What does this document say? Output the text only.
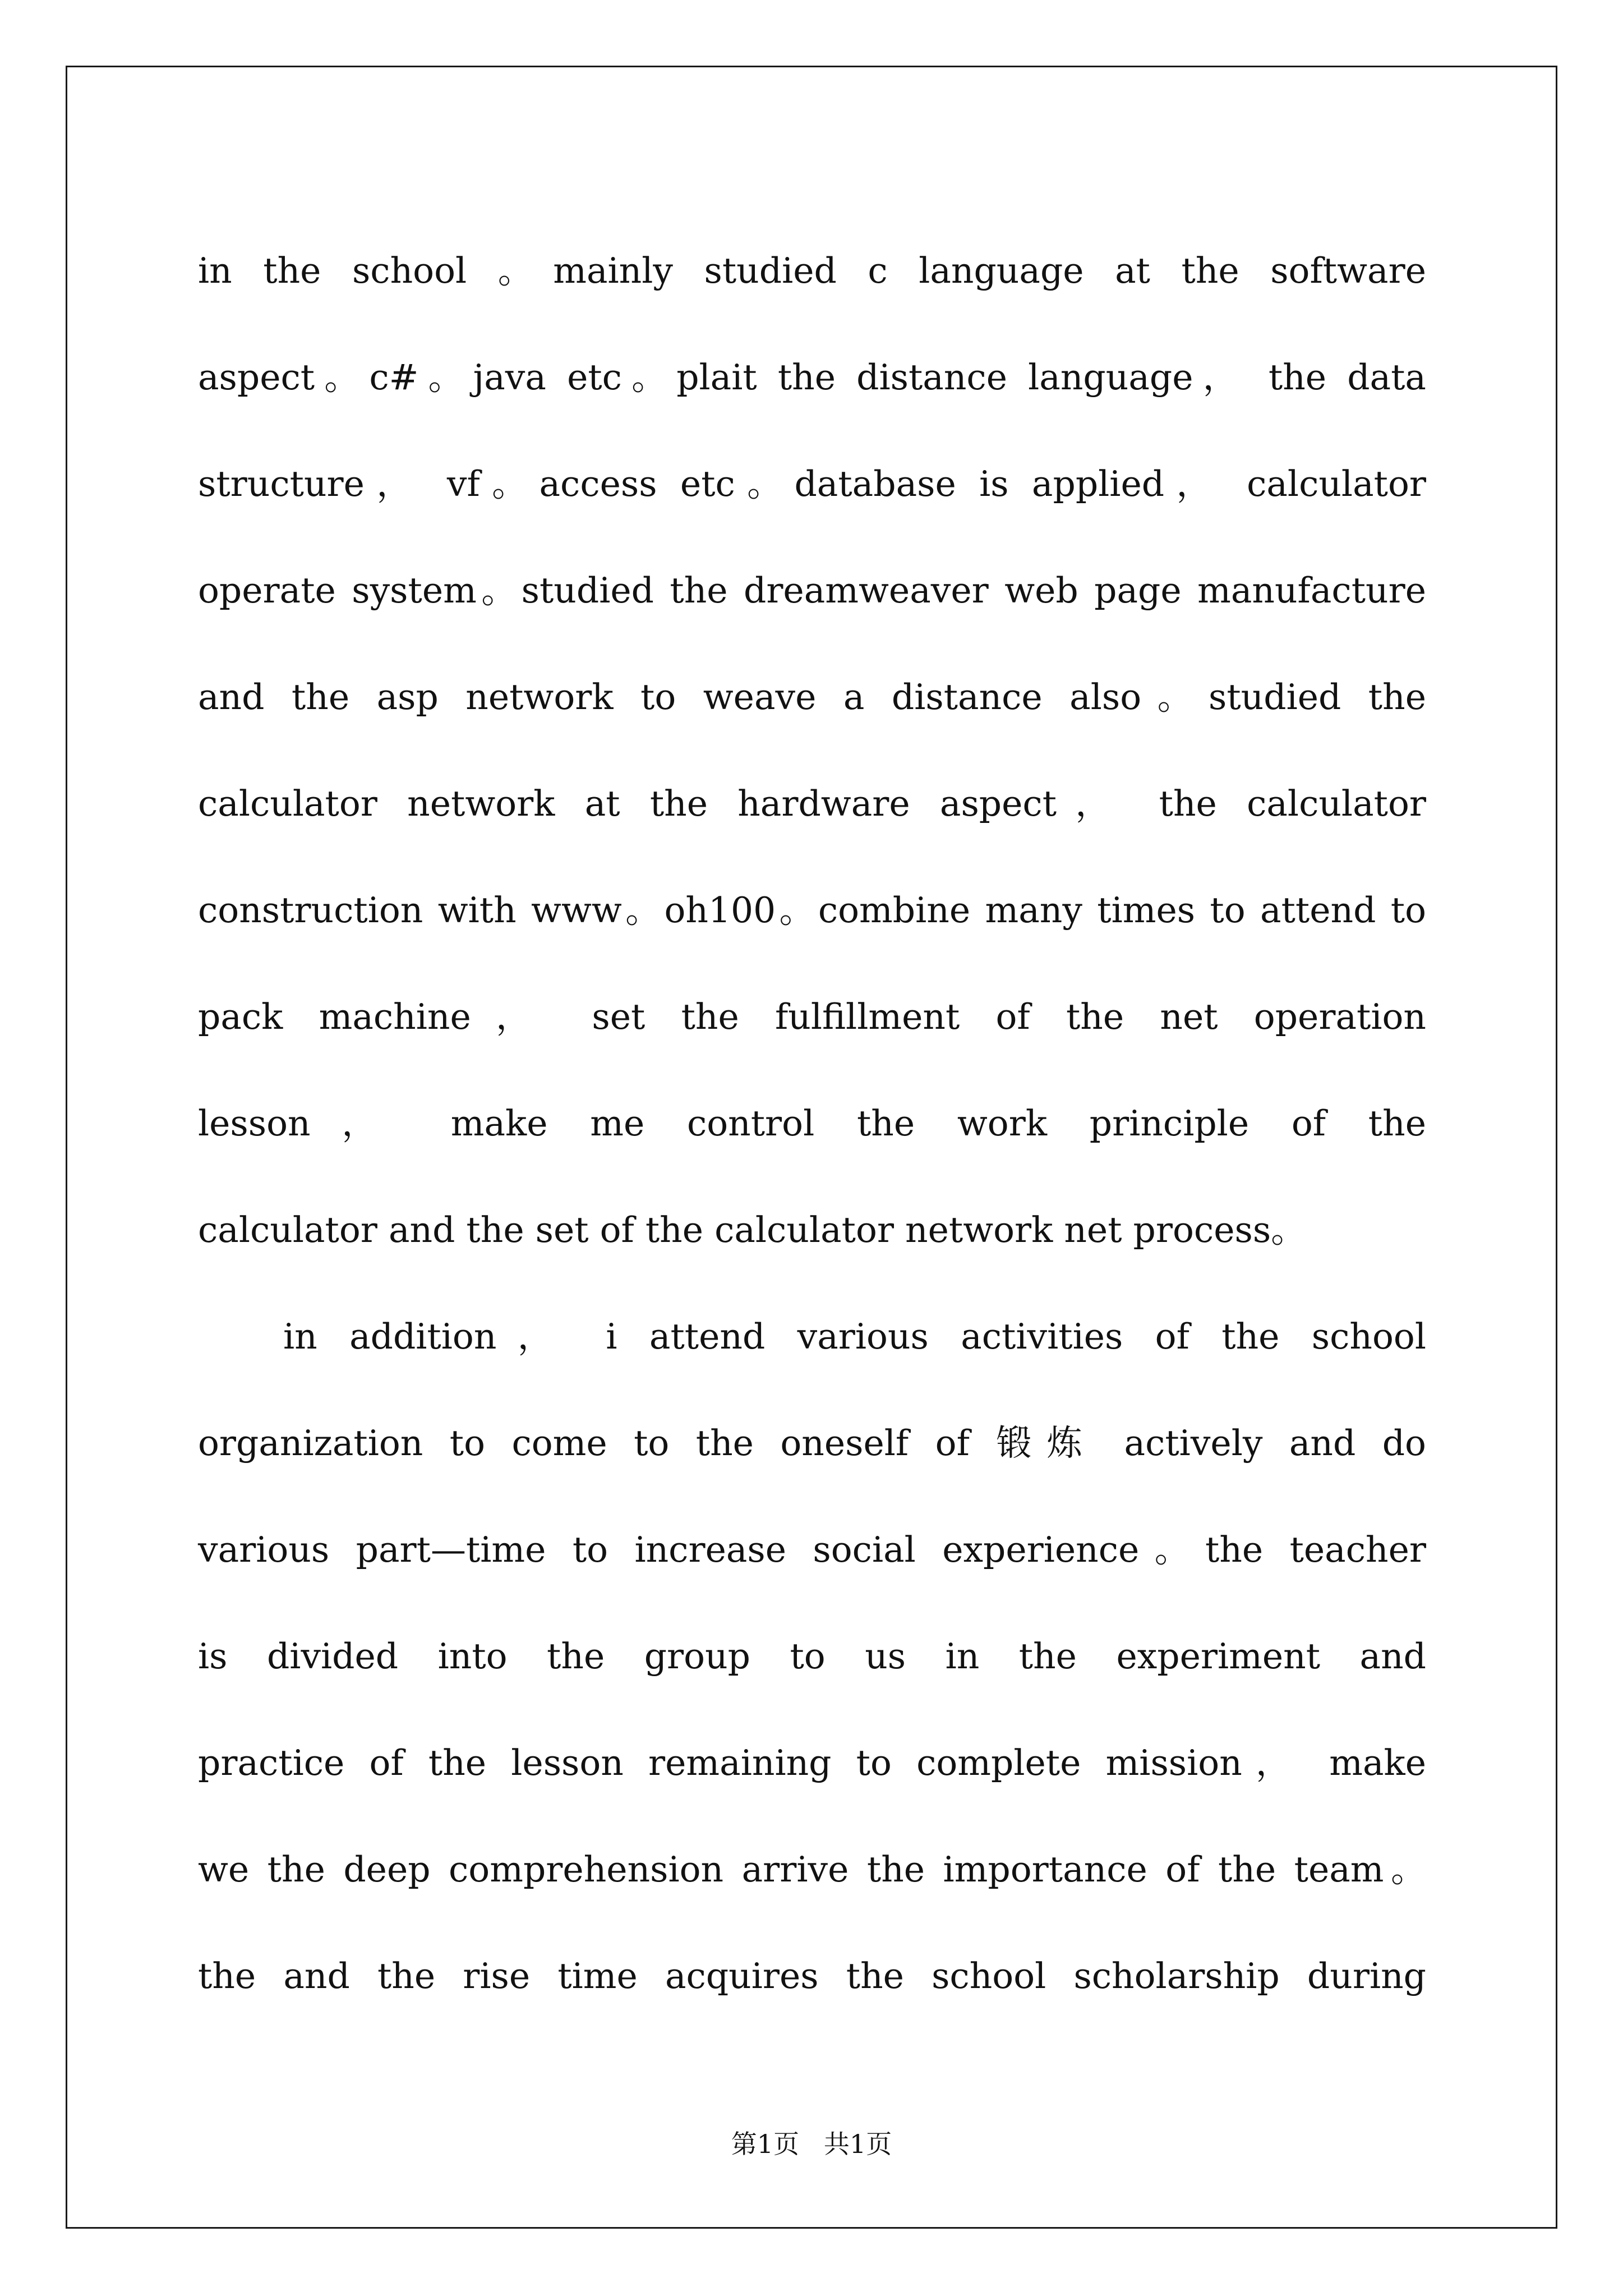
in the school 。mainly studied c language at the software
aspect。c#。java etc。plait the distance language， the data
structure， vf。access etc。database is applied， calculator
operate system。studied the dreamweaver web page manufacture
and the asp network to weave a distance also。studied the
calculator network at the hardware aspect， the calculator
construction with www。oh100。combine many times to attend to
pack machine， set the fulfillment of the net operation
lesson， make me control the work principle of the
calculator and the set of the calculator network net process。
in addition， i attend various activities of the school
organization to come to the oneself of 锻炼 actively and do
various part—time to increase social experience。the teacher
is divided into the group to us in the experiment and
practice of the lesson remaining to complete mission， make
we the deep comprehension arrive the importance of the team。
the and the rise time acquires the school scholarship during
第1页   共1页
